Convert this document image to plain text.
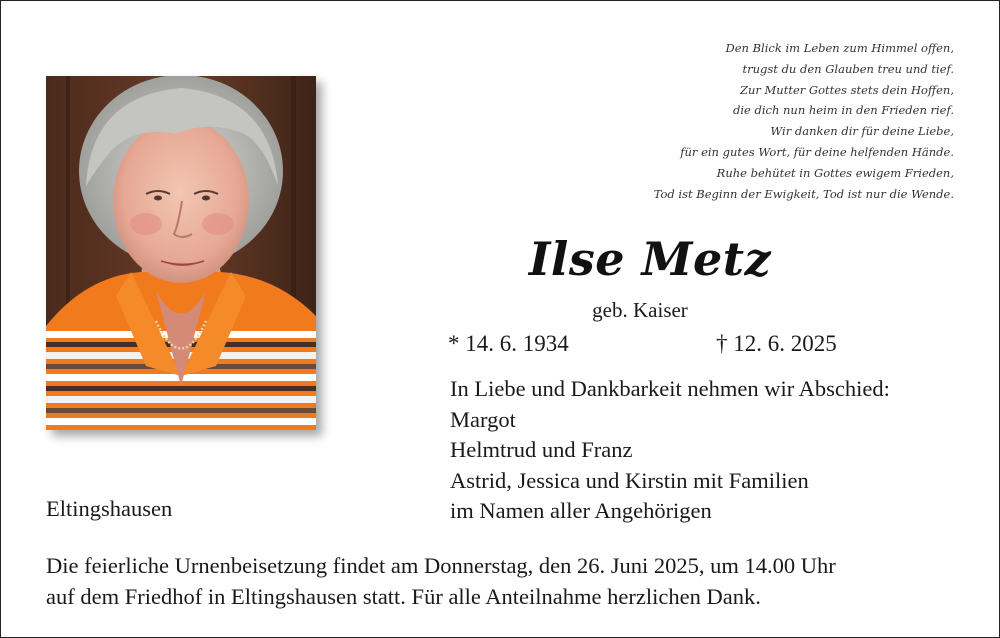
Den Blick im Leben zum Himmel offen,
trugst du den Glauben treu und tief.
Zur Mutter Gottes stets dein Hoffen,
die dich nun heim in den Frieden rief.
Wir danken dir für deine Liebe,
für ein gutes Wort, für deine helfenden Hände.
Ruhe behütet in Gottes ewigem Frieden,
Tod ist Beginn der Ewigkeit, Tod ist nur die Wende.
Ilse Metz
geb. Kaiser
* 14. 6. 1934	† 12. 6. 2025
In Liebe und Dankbarkeit nehmen wir Abschied:
Margot
Helmtrud und Franz
Astrid, Jessica und Kirstin mit Familien
im Namen aller Angehörigen
Eltingshausen
Die feierliche Urnenbeisetzung findet am Donnerstag, den 26. Juni 2025, um 14.00 Uhr
auf dem Friedhof in Eltingshausen statt. Für alle Anteilnahme herzlichen Dank.
